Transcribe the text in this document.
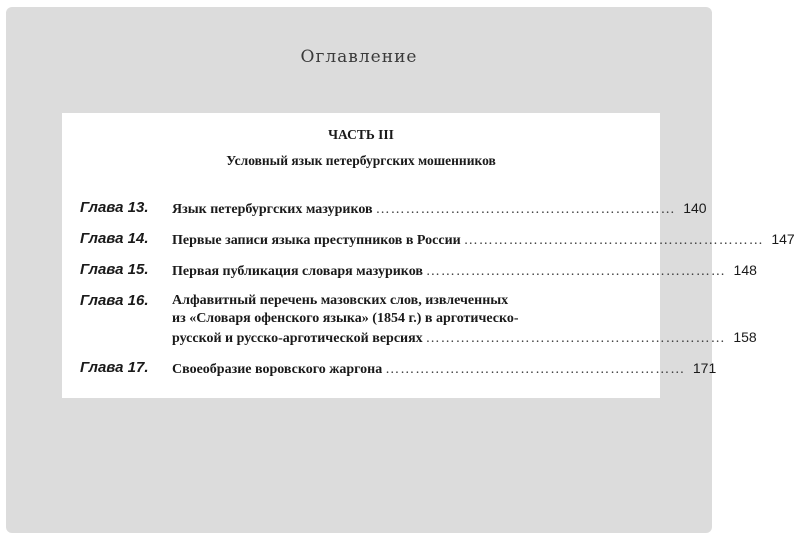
Оглавление
ЧАСТЬ III
Условный язык петербургских мошенников
Глава 13.	Язык петербургских мазуриков …………………………………………………… 140
Глава 14.	Первые записи языка преступников в России …………………………………………………… 147
Глава 15.	Первая публикация словаря мазуриков …………………………………………………… 148
Глава 16.	Алфавитный перечень мазовских слов, извлеченных
из «Словаря офенского языка» (1854 г.) в арготическо-
русской и русско-арготической версиях …………………………………………………… 158
Глава 17.	Своеобразие воровского жаргона …………………………………………………… 171
